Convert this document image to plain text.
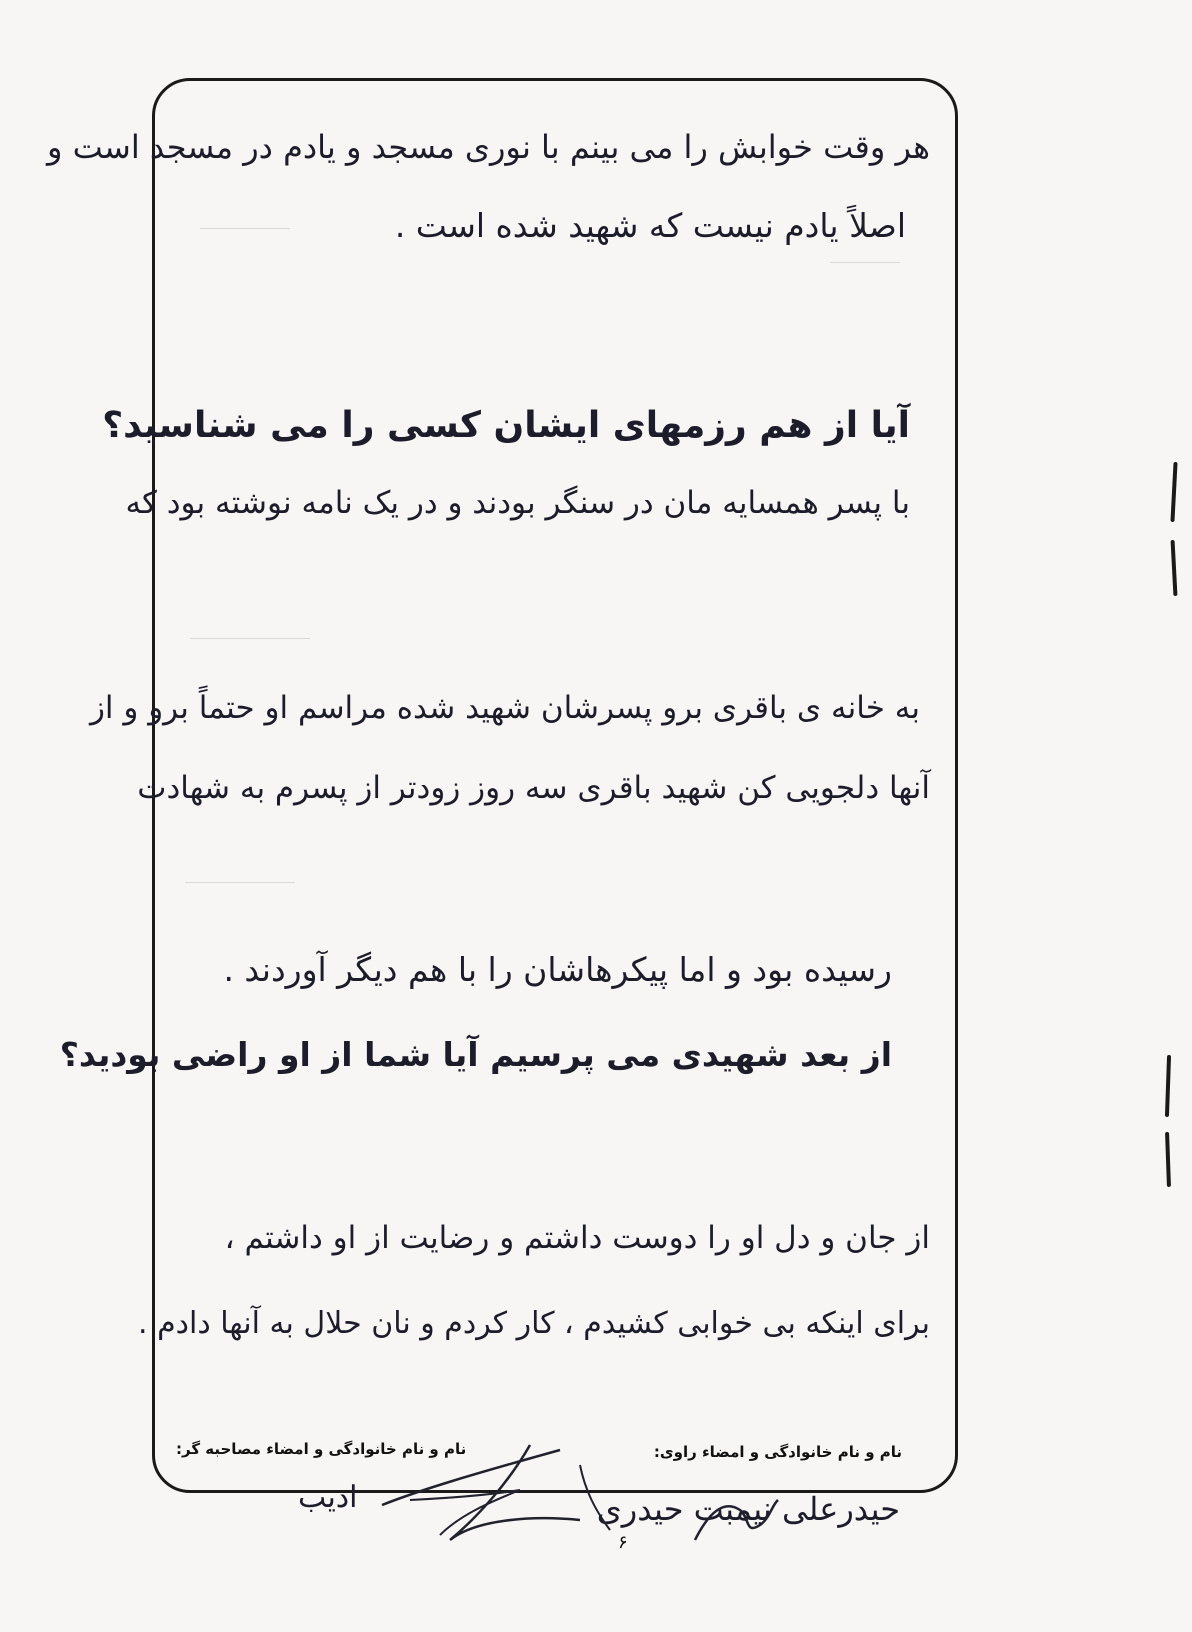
هر وقت خوابش را می بینم با نوری مسجد و یادم در مسجد است و
اصلاً یادم نیست که شهید شده است .
آیا از هم رزمهای ایشان کسی را می شناسید؟
با پسر همسایه مان در سنگر بودند و در یک نامه نوشته بود که
به خانه ی باقری برو پسرشان شهید شده مراسم او حتماً برو و از
آنها دلجویی کن شهید باقری سه روز زودتر از پسرم به شهادت
رسیده بود و اما پیکرهاشان را با هم دیگر آوردند .
از بعد شهیدی می پرسیم آیا شما از او راضی بودید؟
از جان و دل او را دوست داشتم و رضایت از او داشتم ،
برای اینکه بی خوابی کشیدم ، کار کردم و نان حلال به آنها دادم .
نام و نام خانوادگی و امضاء مصاحبه گر:	نام و نام خانوادگی و امضاء راوی:
ادیب	حیدرعلی نیمبت حیدری
۶
